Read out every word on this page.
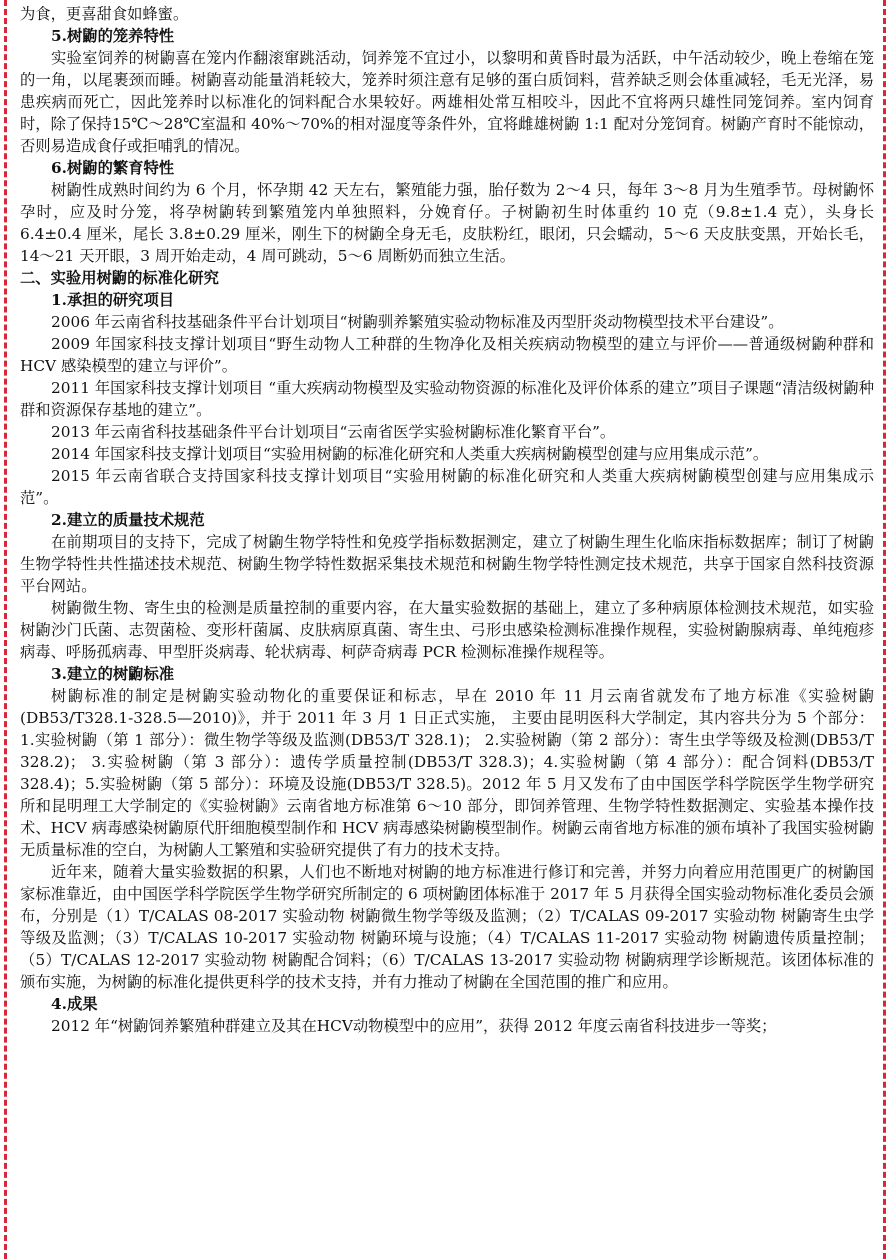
为食，更喜甜食如蜂蜜。

5.树鼩的笼养特性

实验室饲养的树鼩喜在笼内作翻滚窜跳活动，饲养笼不宜过小，以黎明和黄昏时最为活跃，中午活动较少，晚上卷缩在笼的一角，以尾裹颈而睡。树鼩喜动能量消耗较大，笼养时须注意有足够的蛋白质饲料，营养缺乏则会体重减轻，毛无光泽，易患疾病而死亡，因此笼养时以标准化的饲料配合水果较好。两雄相处常互相咬斗，因此不宜将两只雄性同笼饲养。室内饲育时，除了保持15℃～28℃室温和 40%～70%的相对湿度等条件外，宜将雌雄树鼩 1:1 配对分笼饲育。树鼩产育时不能惊动，否则易造成食仔或拒哺乳的情况。

6.树鼩的繁育特性

树鼩性成熟时间约为 6 个月，怀孕期 42 天左右，繁殖能力强，胎仔数为 2～4 只，每年 3～8 月为生殖季节。母树鼩怀孕时，应及时分笼，将孕树鼩转到繁殖笼内单独照料，分娩育仔。子树鼩初生时体重约 10 克（9.8±1.4 克），头身长 6.4±0.4 厘米，尾长 3.8±0.29 厘米，刚生下的树鼩全身无毛，皮肤粉红，眼闭，只会蠕动，5～6 天皮肤变黑，开始长毛，14～21 天开眼，3 周开始走动，4 周可跳动，5～6 周断奶而独立生活。

二、实验用树鼩的标准化研究

1.承担的研究项目

2006 年云南省科技基础条件平台计划项目“树鼩驯养繁殖实验动物标准及丙型肝炎动物模型技术平台建设”。

2009 年国家科技支撑计划项目“野生动物人工种群的生物净化及相关疾病动物模型的建立与评价——普通级树鼩种群和 HCV 感染模型的建立与评价”。

2011 年国家科技支撑计划项目 “重大疾病动物模型及实验动物资源的标准化及评价体系的建立”项目子课题“清洁级树鼩种群和资源保存基地的建立”。

2013 年云南省科技基础条件平台计划项目“云南省医学实验树鼩标准化繁育平台”。

2014 年国家科技支撑计划项目“实验用树鼩的标准化研究和人类重大疾病树鼩模型创建与应用集成示范”。

2015 年云南省联合支持国家科技支撑计划项目“实验用树鼩的标准化研究和人类重大疾病树鼩模型创建与应用集成示范”。

2.建立的质量技术规范

在前期项目的支持下，完成了树鼩生物学特性和免疫学指标数据测定，建立了树鼩生理生化临床指标数据库；制订了树鼩生物学特性共性描述技术规范、树鼩生物学特性数据采集技术规范和树鼩生物学特性测定技术规范，共享于国家自然科技资源平台网站。

树鼩微生物、寄生虫的检测是质量控制的重要内容，在大量实验数据的基础上，建立了多种病原体检测技术规范，如实验树鼩沙门氏菌、志贺菌检、变形杆菌属、皮肤病原真菌、寄生虫、弓形虫感染检测标准操作规程，实验树鼩腺病毒、单纯疱疹病毒、呼肠孤病毒、甲型肝炎病毒、轮状病毒、柯萨奇病毒 PCR 检测标准操作规程等。

3.建立的树鼩标准

树鼩标准的制定是树鼩实验动物化的重要保证和标志，早在 2010 年 11 月云南省就发布了地方标准《实验树鼩(DB53/T328.1-328.5—2010)》，并于 2011 年 3 月 1 日正式实施， 主要由昆明医科大学制定，其内容共分为 5 个部分：1.实验树鼩（第 1 部分）：微生物学等级及监测(DB53/T 328.1)； 2.实验树鼩（第 2 部分）：寄生虫学等级及检测(DB53/T 328.2)； 3.实验树鼩（第 3 部分）：遗传学质量控制(DB53/T 328.3)；4.实验树鼩（第 4 部分）：配合饲料(DB53/T 328.4)；5.实验树鼩（第 5 部分）：环境及设施(DB53/T 328.5)。2012 年 5 月又发布了由中国医学科学院医学生物学研究所和昆明理工大学制定的《实验树鼩》云南省地方标准第 6～10 部分，即饲养管理、生物学特性数据测定、实验基本操作技术、HCV 病毒感染树鼩原代肝细胞模型制作和 HCV 病毒感染树鼩模型制作。树鼩云南省地方标准的颁布填补了我国实验树鼩无质量标准的空白，为树鼩人工繁殖和实验研究提供了有力的技术支持。

近年来，随着大量实验数据的积累，人们也不断地对树鼩的地方标准进行修订和完善，并努力向着应用范围更广的树鼩国家标准靠近，由中国医学科学院医学生物学研究所制定的 6 项树鼩团体标准于 2017 年 5 月获得全国实验动物标准化委员会颁布，分别是（1）T/CALAS 08-2017 实验动物 树鼩微生物学等级及监测；（2）T/CALAS 09-2017 实验动物 树鼩寄生虫学等级及监测；（3）T/CALAS 10-2017 实验动物 树鼩环境与设施；（4）T/CALAS 11-2017 实验动物 树鼩遗传质量控制；（5）T/CALAS 12-2017 实验动物 树鼩配合饲料；（6）T/CALAS 13-2017 实验动物 树鼩病理学诊断规范。该团体标准的颁布实施，为树鼩的标准化提供更科学的技术支持，并有力推动了树鼩在全国范围的推广和应用。

4.成果

2012 年“树鼩饲养繁殖种群建立及其在HCV动物模型中的应用”，获得 2012 年度云南省科技进步一等奖；
